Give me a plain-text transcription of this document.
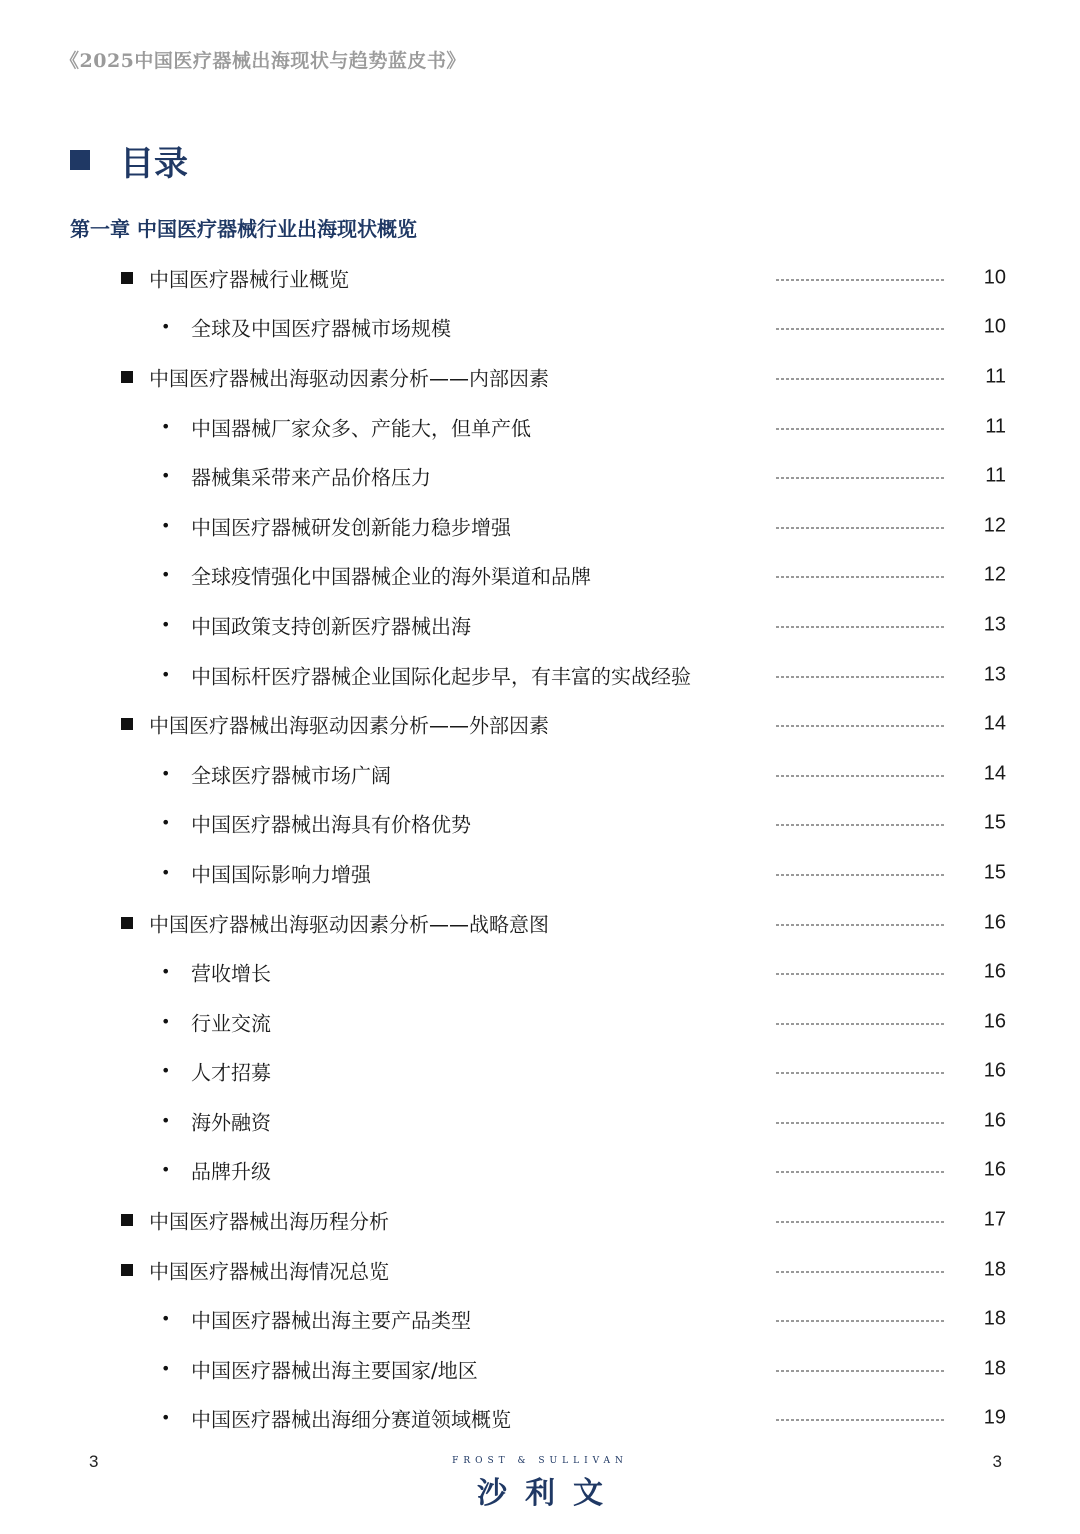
《2025中国医疗器械出海现状与趋势蓝皮书》
目录
第一章 中国医疗器械行业出海现状概览
中国医疗器械行业概览	10
• 全球及中国医疗器械市场规模	10
中国医疗器械出海驱动因素分析——内部因素	11
• 中国器械厂家众多、产能大，但单产低	11
• 器械集采带来产品价格压力	11
• 中国医疗器械研发创新能力稳步增强	12
• 全球疫情强化中国器械企业的海外渠道和品牌	12
• 中国政策支持创新医疗器械出海	13
• 中国标杆医疗器械企业国际化起步早，有丰富的实战经验	13
中国医疗器械出海驱动因素分析——外部因素	14
• 全球医疗器械市场广阔	14
• 中国医疗器械出海具有价格优势	15
• 中国国际影响力增强	15
中国医疗器械出海驱动因素分析——战略意图	16
• 营收增长	16
• 行业交流	16
• 人才招募	16
• 海外融资	16
• 品牌升级	16
中国医疗器械出海历程分析	17
中国医疗器械出海情况总览	18
• 中国医疗器械出海主要产品类型	18
• 中国医疗器械出海主要国家/地区	18
• 中国医疗器械出海细分赛道领域概览	19
3	FROST & SULLIVAN
沙利文
3
